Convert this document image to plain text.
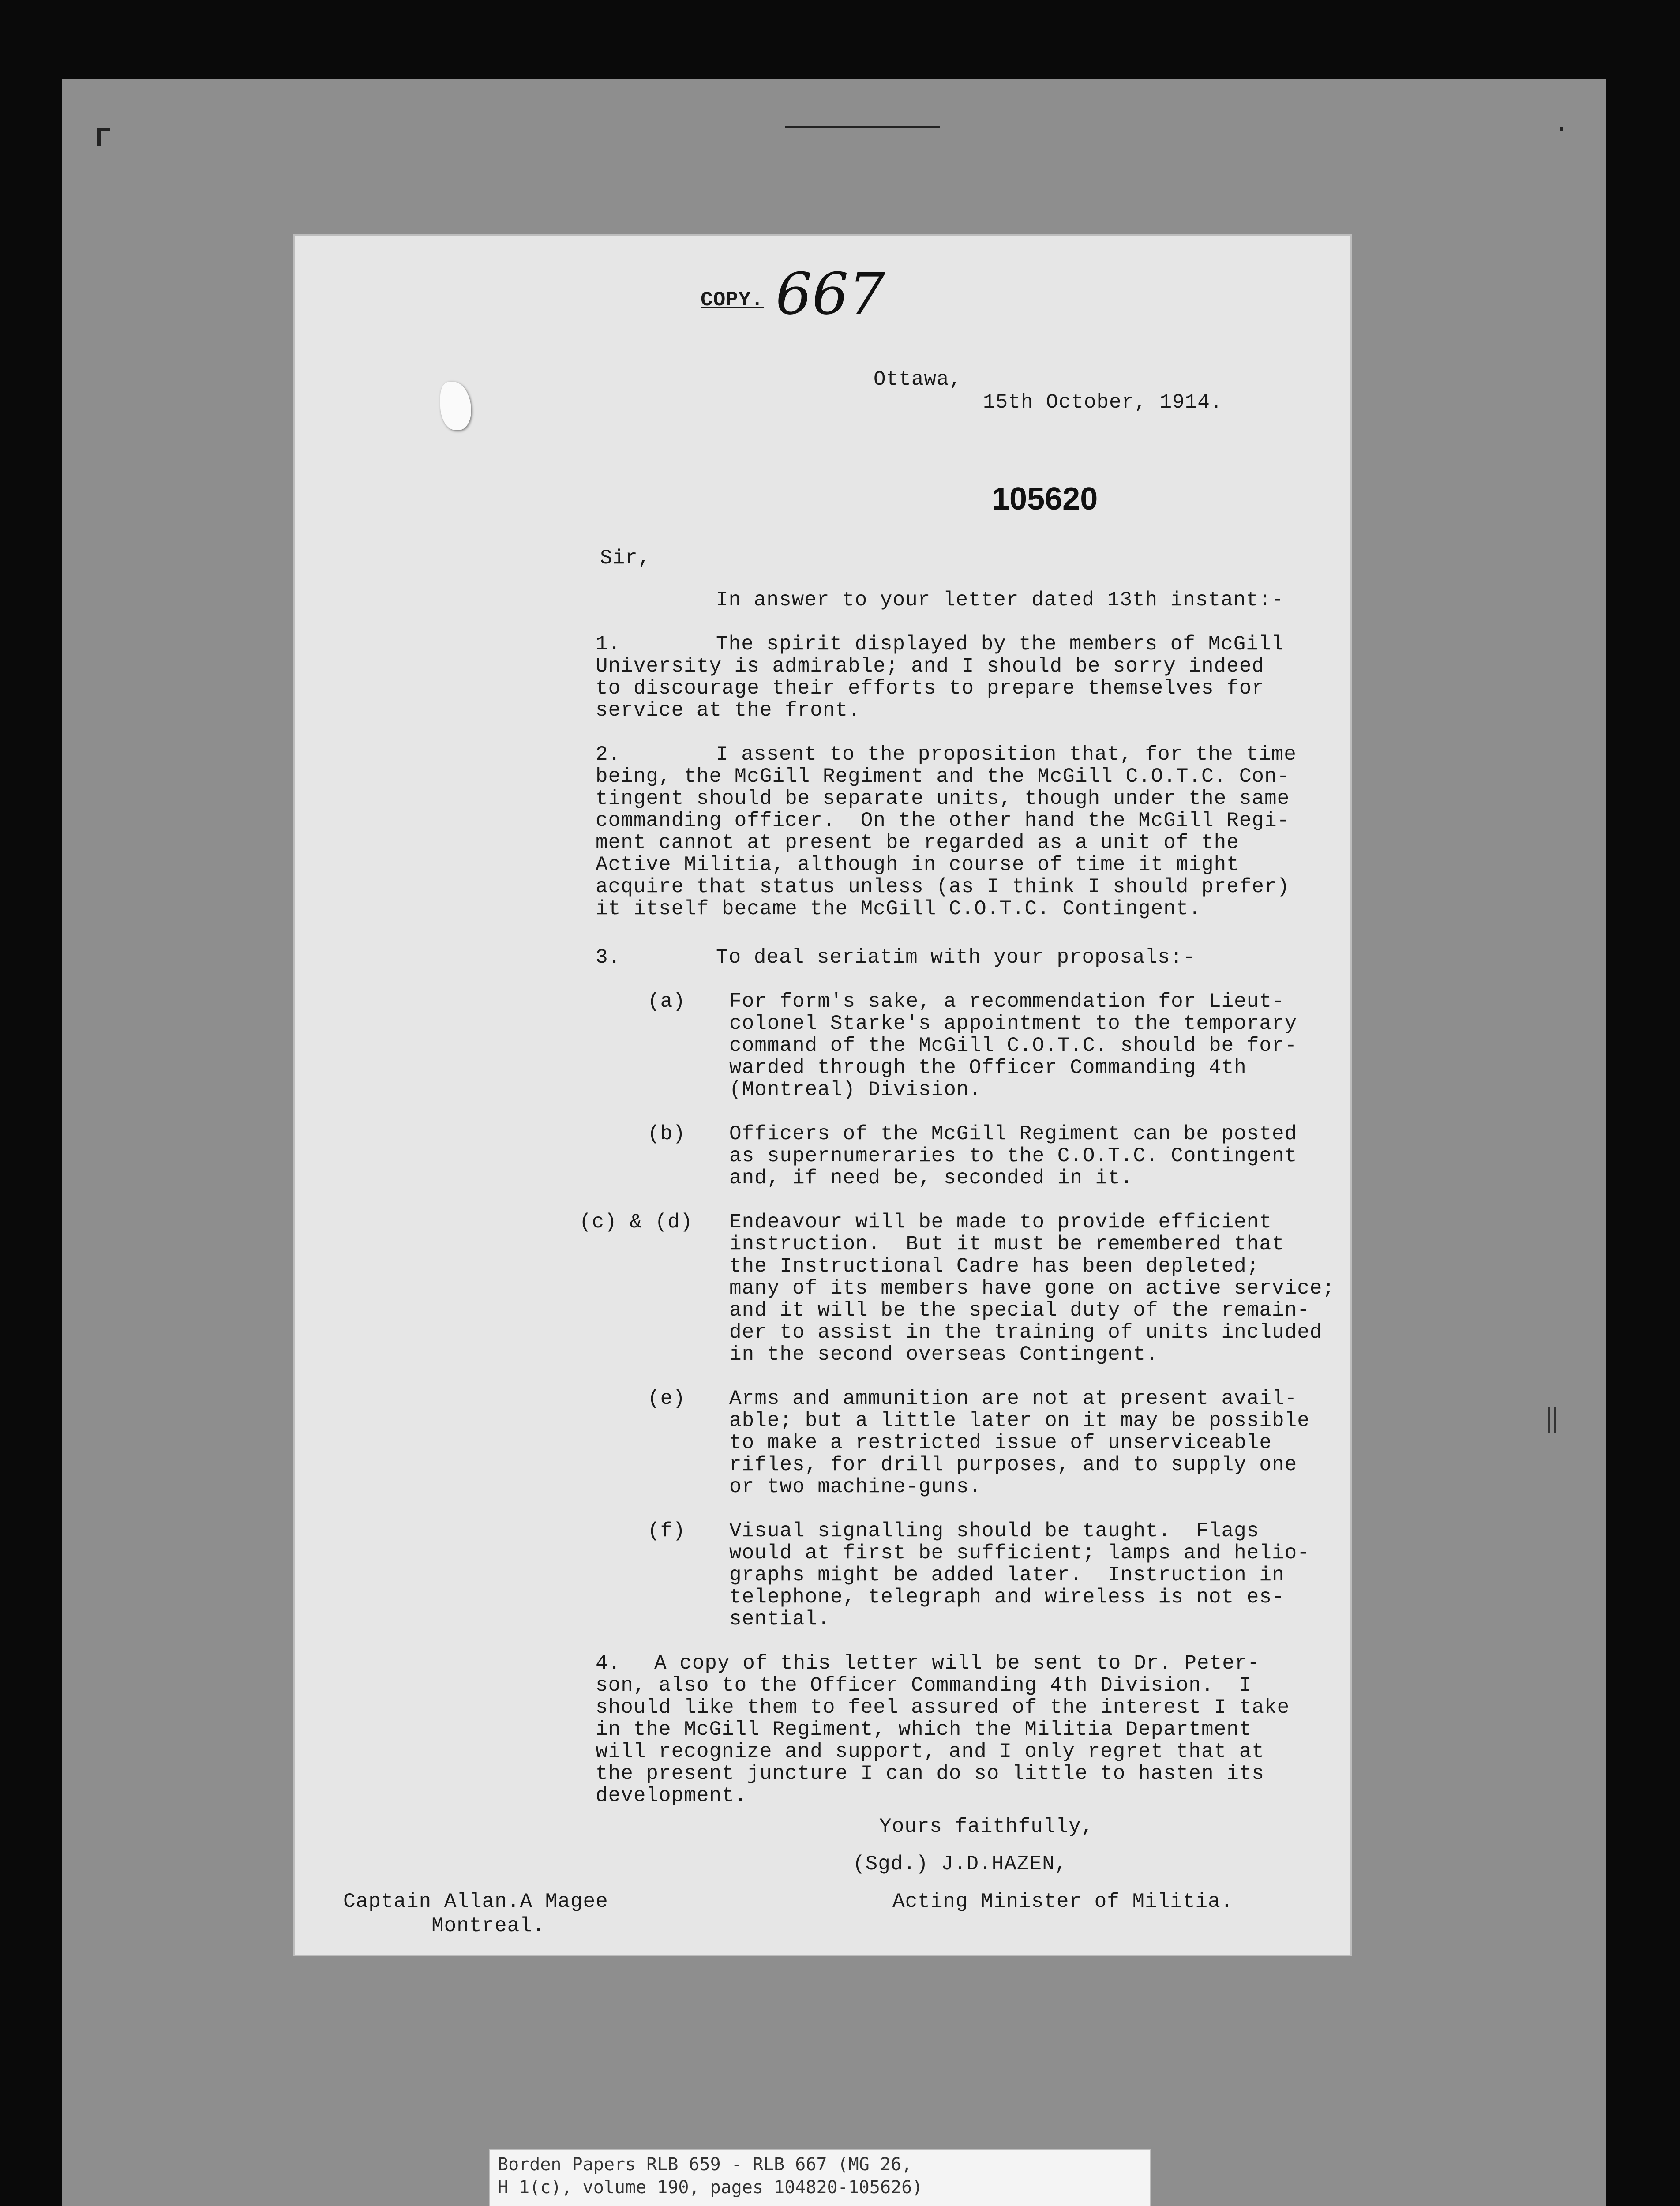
‖
COPY. 667
Ottawa,
15th October, 1914.
105620
Sir,
In answer to your letter dated 13th instant:-
1.	The spirit displayed by the members of McGill
University is admirable; and I should be sorry indeed
to discourage their efforts to prepare themselves for
service at the front.
2.	I assent to the proposition that, for the time
being, the McGill Regiment and the McGill C.O.T.C. Con-
tingent should be separate units, though under the same
commanding officer.  On the other hand the McGill Regi-
ment cannot at present be regarded as a unit of the
Active Militia, although in course of time it might
acquire that status unless (as I think I should prefer)
it itself became the McGill C.O.T.C. Contingent.
3.	To deal seriatim with your proposals:-
(a) For form's sake, a recommendation for Lieut-
colonel Starke's appointment to the temporary
command of the McGill C.O.T.C. should be for-
warded through the Officer Commanding 4th
(Montreal) Division.
(b) Officers of the McGill Regiment can be posted
as supernumeraries to the C.O.T.C. Contingent
and, if need be, seconded in it.
(c) & (d) Endeavour will be made to provide efficient
instruction.  But it must be remembered that
the Instructional Cadre has been depleted;
many of its members have gone on active service;
and it will be the special duty of the remain-
der to assist in the training of units included
in the second overseas Contingent.
(e) Arms and ammunition are not at present avail-
able; but a little later on it may be possible
to make a restricted issue of unserviceable
rifles, for drill purposes, and to supply one
or two machine-guns.
(f) Visual signalling should be taught.  Flags
would at first be sufficient; lamps and helio-
graphs might be added later.  Instruction in
telephone, telegraph and wireless is not es-
sential.
4. A copy of this letter will be sent to Dr. Peter-
son, also to the Officer Commanding 4th Division.  I
should like them to feel assured of the interest I take
in the McGill Regiment, which the Militia Department
will recognize and support, and I only regret that at
the present juncture I can do so little to hasten its
development.
Yours faithfully,
(Sgd.) J.D.HAZEN,
Captain Allan.A Magee	Acting Minister of Militia.
Montreal.
Borden Papers RLB 659 - RLB 667 (MG 26,
H 1(c), volume 190, pages 104820-105626)
